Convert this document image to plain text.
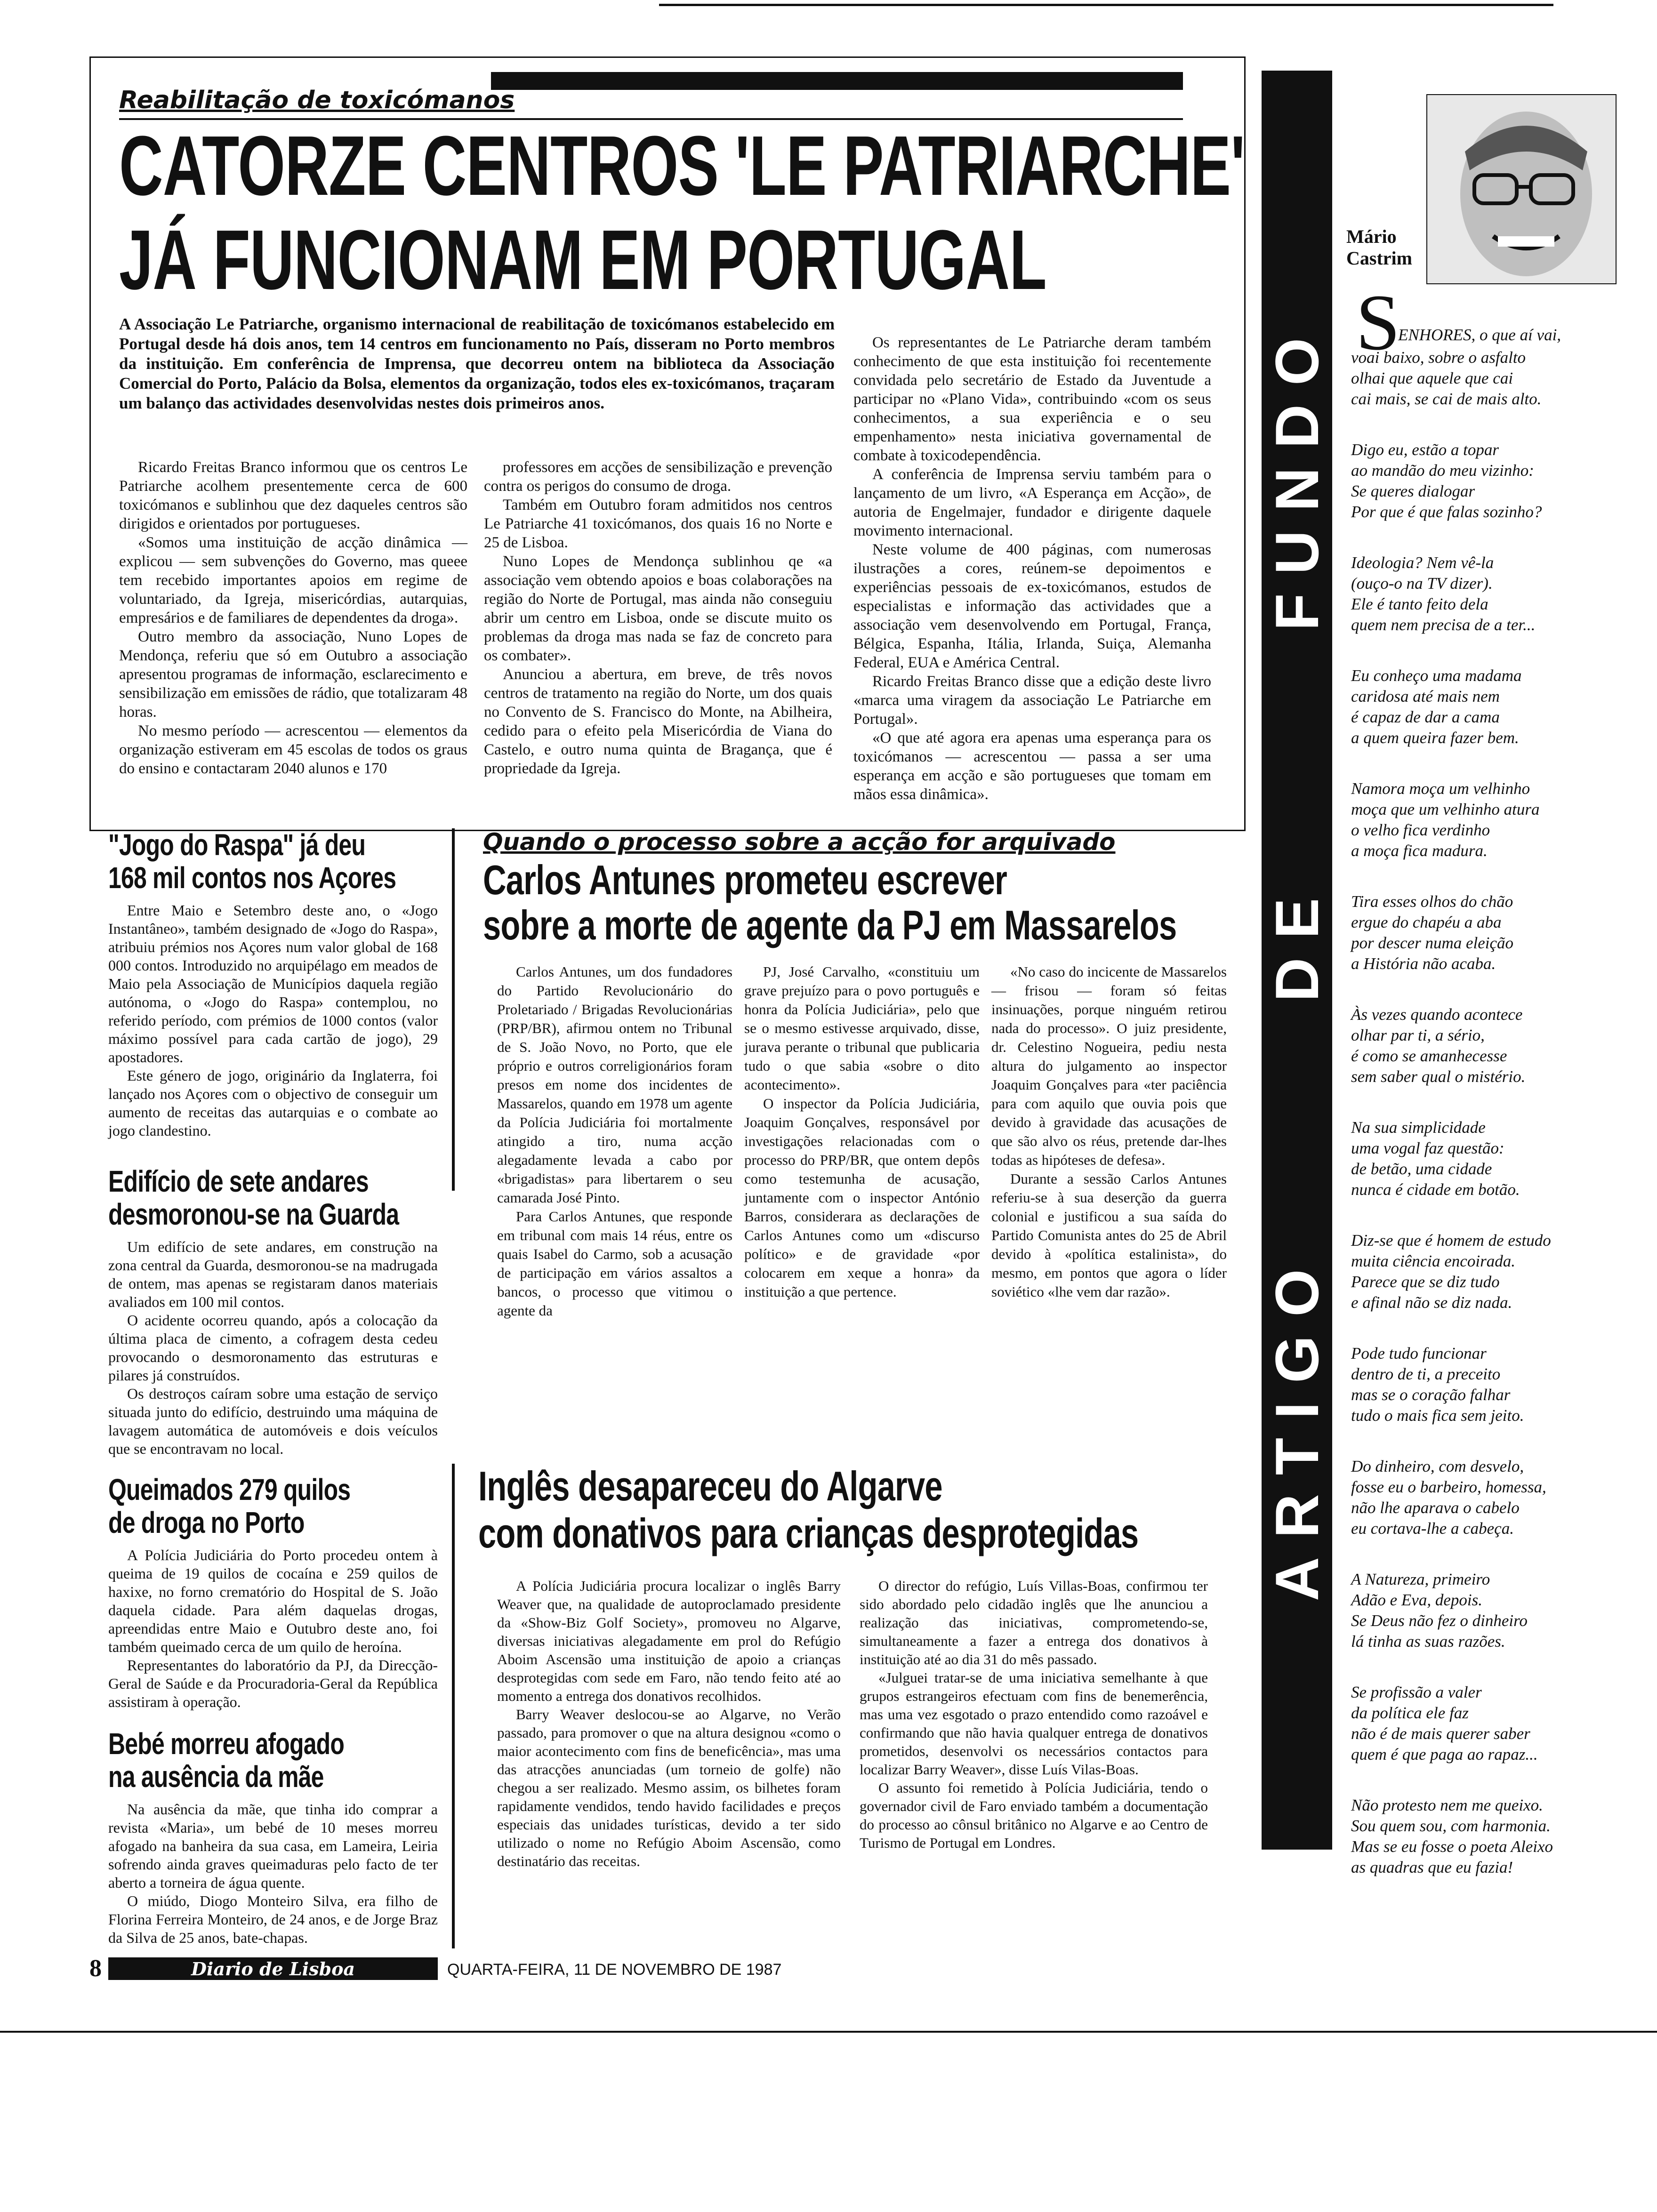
Reabilitação de toxicómanos
CATORZE CENTROS 'LE PATRIARCHE'
JÁ FUNCIONAM EM PORTUGAL
A Associação Le Patriarche, organismo internacional de reabilitação de toxicómanos estabelecido em Portugal desde há dois anos, tem 14 centros em funcionamento no País, disseram no Porto membros da instituição. Em conferência de Imprensa, que decorreu ontem na biblioteca da Associação Comercial do Porto, Palácio da Bolsa, elementos da organização, todos eles ex-toxicómanos, traçaram um balanço das actividades desenvolvidas nestes dois primeiros anos.

Ricardo Freitas Branco informou que os centros Le Patriarche acolhem presentemente cerca de 600 toxicómanos e sublinhou que dez daqueles centros são dirigidos e orientados por portugueses.

«Somos uma instituição de acção dinâmica — explicou — sem subvenções do Governo, mas queee tem recebido importantes apoios em regime de voluntariado, da Igreja, misericórdias, autarquias, empresários e de familiares de dependentes da droga».

Outro membro da associação, Nuno Lopes de Mendonça, referiu que só em Outubro a associação apresentou programas de informação, esclarecimento e sensibilização em emissões de rádio, que totalizaram 48 horas.

No mesmo período — acrescentou — elementos da organização estiveram em 45 escolas de todos os graus do ensino e contactaram 2040 alunos e 170

professores em acções de sensibilização e prevenção contra os perigos do consumo de droga.

Também em Outubro foram admitidos nos centros Le Patriarche 41 toxicómanos, dos quais 16 no Norte e 25 de Lisboa.

Nuno Lopes de Mendonça sublinhou qe «a associação vem obtendo apoios e boas colaborações na região do Norte de Portugal, mas ainda não conseguiu abrir um centro em Lisboa, onde se discute muito os problemas da droga mas nada se faz de concreto para os combater».

Anunciou a abertura, em breve, de três novos centros de tratamento na região do Norte, um dos quais no Convento de S. Francisco do Monte, na Abilheira, cedido para o efeito pela Misericórdia de Viana do Castelo, e outro numa quinta de Bragança, que é propriedade da Igreja.

Os representantes de Le Patriarche deram também conhecimento de que esta instituição foi recentemente convidada pelo secretário de Estado da Juventude a participar no «Plano Vida», contribuindo «com os seus conhecimentos, a sua experiência e o seu empenhamento» nesta iniciativa governamental de combate à toxicodependência.

A conferência de Imprensa serviu também para o lançamento de um livro, «A Esperança em Acção», de autoria de Engelmajer, fundador e dirigente daquele movimento internacional.

Neste volume de 400 páginas, com numerosas ilustrações a cores, reúnem-se depoimentos e experiências pessoais de ex-toxicómanos, estudos de especialistas e informação das actividades que a associação vem desenvolvendo em Portugal, França, Bélgica, Espanha, Itália, Irlanda, Suiça, Alemanha Federal, EUA e América Central.

Ricardo Freitas Branco disse que a edição deste livro «marca uma viragem da associação Le Patriarche em Portugal».

«O que até agora era apenas uma esperança para os toxicómanos — acrescentou — passa a ser uma esperança em acção e são portugueses que tomam em mãos essa dinâmica».

"Jogo do Raspa" já deu
168 mil contos nos Açores

Entre Maio e Setembro deste ano, o «Jogo Instantâneo», também designado de «Jogo do Raspa», atribuiu prémios nos Açores num valor global de 168 000 contos. Introduzido no arquipélago em meados de Maio pela Associação de Municípios daquela região autónoma, o «Jogo do Raspa» contemplou, no referido período, com prémios de 1000 contos (valor máximo possível para cada cartão de jogo), 29 apostadores.

Este género de jogo, originário da Inglaterra, foi lançado nos Açores com o objectivo de conseguir um aumento de receitas das autarquias e o combate ao jogo clandestino.

Edifício de sete andares
desmoronou-se na Guarda

Um edifício de sete andares, em construção na zona central da Guarda, desmoronou-se na madrugada de ontem, mas apenas se registaram danos materiais avaliados em 100 mil contos.

O acidente ocorreu quando, após a colocação da última placa de cimento, a cofragem desta cedeu provocando o desmoronamento das estruturas e pilares já construídos.

Os destroços caíram sobre uma estação de serviço situada junto do edifício, destruindo uma máquina de lavagem automática de automóveis e dois veículos que se encontravam no local.

Queimados 279 quilos
de droga no Porto

A Polícia Judiciária do Porto procedeu ontem à queima de 19 quilos de cocaína e 259 quilos de haxixe, no forno crematório do Hospital de S. João daquela cidade. Para além daquelas drogas, apreendidas entre Maio e Outubro deste ano, foi também queimado cerca de um quilo de heroína.

Representantes do laboratório da PJ, da Direcção-Geral de Saúde e da Procuradoria-Geral da República assistiram à operação.

Bebé morreu afogado
na ausência da mãe

Na ausência da mãe, que tinha ido comprar a revista «Maria», um bebé de 10 meses morreu afogado na banheira da sua casa, em Lameira, Leiria sofrendo ainda graves queimaduras pelo facto de ter aberto a torneira de água quente.

O miúdo, Diogo Monteiro Silva, era filho de Florina Ferreira Monteiro, de 24 anos, e de Jorge Braz da Silva de 25 anos, bate-chapas.

Quando o processo sobre a acção for arquivado
Carlos Antunes prometeu escrever
sobre a morte de agente da PJ em Massarelos

Carlos Antunes, um dos fundadores do Partido Revolucionário do Proletariado / Brigadas Revolucionárias (PRP/BR), afirmou ontem no Tribunal de S. João Novo, no Porto, que ele próprio e outros correligionários foram presos em nome dos incidentes de Massarelos, quando em 1978 um agente da Polícia Judiciária foi mortalmente atingido a tiro, numa acção alegadamente levada a cabo por «brigadistas» para libertarem o seu camarada José Pinto.

Para Carlos Antunes, que responde em tribunal com mais 14 réus, entre os quais Isabel do Carmo, sob a acusação de participação em vários assaltos a bancos, o processo que vitimou o agente da

PJ, José Carvalho, «constituiu um grave prejuízo para o povo português e honra da Polícia Judiciária», pelo que se o mesmo estivesse arquivado, disse, jurava perante o tribunal que publicaria tudo o que sabia «sobre o dito acontecimento».

O inspector da Polícia Judiciária, Joaquim Gonçalves, responsável por investigações relacionadas com o processo do PRP/BR, que ontem depôs como testemunha de acusação, juntamente com o inspector António Barros, considerara as declarações de Carlos Antunes como um «discurso político» e de gravidade «por colocarem em xeque a honra» da instituição a que pertence.

«No caso do incicente de Massarelos — frisou — foram só feitas insinuações, porque ninguém retirou nada do processo». O juiz presidente, dr. Celestino Nogueira, pediu nesta altura do julgamento ao inspector Joaquim Gonçalves para «ter paciência para com aquilo que ouvia pois que devido à gravidade das acusações de que são alvo os réus, pretende dar-lhes todas as hipóteses de defesa».

Durante a sessão Carlos Antunes referiu-se à sua deserção da guerra colonial e justificou a sua saída do Partido Comunista antes do 25 de Abril devido à «política estalinista», do mesmo, em pontos que agora o líder soviético «lhe vem dar razão».

Inglês desapareceu do Algarve
com donativos para crianças desprotegidas

A Polícia Judiciária procura localizar o inglês Barry Weaver que, na qualidade de autoproclamado presidente da «Show-Biz Golf Society», promoveu no Algarve, diversas iniciativas alegadamente em prol do Refúgio Aboim Ascensão uma instituição de apoio a crianças desprotegidas com sede em Faro, não tendo feito até ao momento a entrega dos donativos recolhidos.

Barry Weaver deslocou-se ao Algarve, no Verão passado, para promover o que na altura designou «como o maior acontecimento com fins de beneficência», mas uma das atracções anunciadas (um torneio de golfe) não chegou a ser realizado. Mesmo assim, os bilhetes foram rapidamente vendidos, tendo havido facilidades e preços especiais das unidades turísticas, devido a ter sido utilizado o nome no Refúgio Aboim Ascensão, como destinatário das receitas.

O director do refúgio, Luís Villas-Boas, confirmou ter sido abordado pelo cidadão inglês que lhe anunciou a realização das iniciativas, comprometendo-se, simultaneamente a fazer a entrega dos donativos à instituição até ao dia 31 do mês passado.

«Julguei tratar-se de uma iniciativa semelhante à que grupos estrangeiros efectuam com fins de benemerência, mas uma vez esgotado o prazo entendido como razoável e confirmando que não havia qualquer entrega de donativos prometidos, desenvolvi os necessários contactos para localizar Barry Weaver», disse Luís Vilas-Boas.

O assunto foi remetido à Polícia Judiciária, tendo o governador civil de Faro enviado também a documentação do processo ao cônsul britânico no Algarve e ao Centro de Turismo de Portugal em Londres.

ARTIGO
DE
FUNDO
Mário Castrim
S

ENHORES, o que aí vai,

voai baixo, sobre o asfalto
olhai que aquele que cai
cai mais, se cai de mais alto.

Digo eu, estão a topar
ao mandão do meu vizinho:
Se queres dialogar
Por que é que falas sozinho?

Ideologia? Nem vê-la
(ouço-o na TV dizer).
Ele é tanto feito dela
quem nem precisa de a ter...

Eu conheço uma madama
caridosa até mais nem
é capaz de dar a cama
a quem queira fazer bem.

Namora moça um velhinho
moça que um velhinho atura
o velho fica verdinho
a moça fica madura.

Tira esses olhos do chão
ergue do chapéu a aba
por descer numa eleição
a História não acaba.

Às vezes quando acontece
olhar par ti, a sério,
é como se amanhecesse
sem saber qual o mistério.

Na sua simplicidade
uma vogal faz questão:
de betão, uma cidade
nunca é cidade em botão.

Diz-se que é homem de estudo
muita ciência encoirada.
Parece que se diz tudo
e afinal não se diz nada.

Pode tudo funcionar
dentro de ti, a preceito
mas se o coração falhar
tudo o mais fica sem jeito.

Do dinheiro, com desvelo,
fosse eu o barbeiro, homessa,
não lhe aparava o cabelo
eu cortava-lhe a cabeça.

A Natureza, primeiro
Adão e Eva, depois.
Se Deus não fez o dinheiro
lá tinha as suas razões.

Se profissão a valer
da política ele faz
não é de mais querer saber
quem é que paga ao rapaz...

Não protesto nem me queixo.
Sou quem sou, com harmonia.
Mas se eu fosse o poeta Aleixo
as quadras que eu fazia!

8	Diario de Lisboa	QUARTA-FEIRA, 11 DE NOVEMBRO DE 1987
